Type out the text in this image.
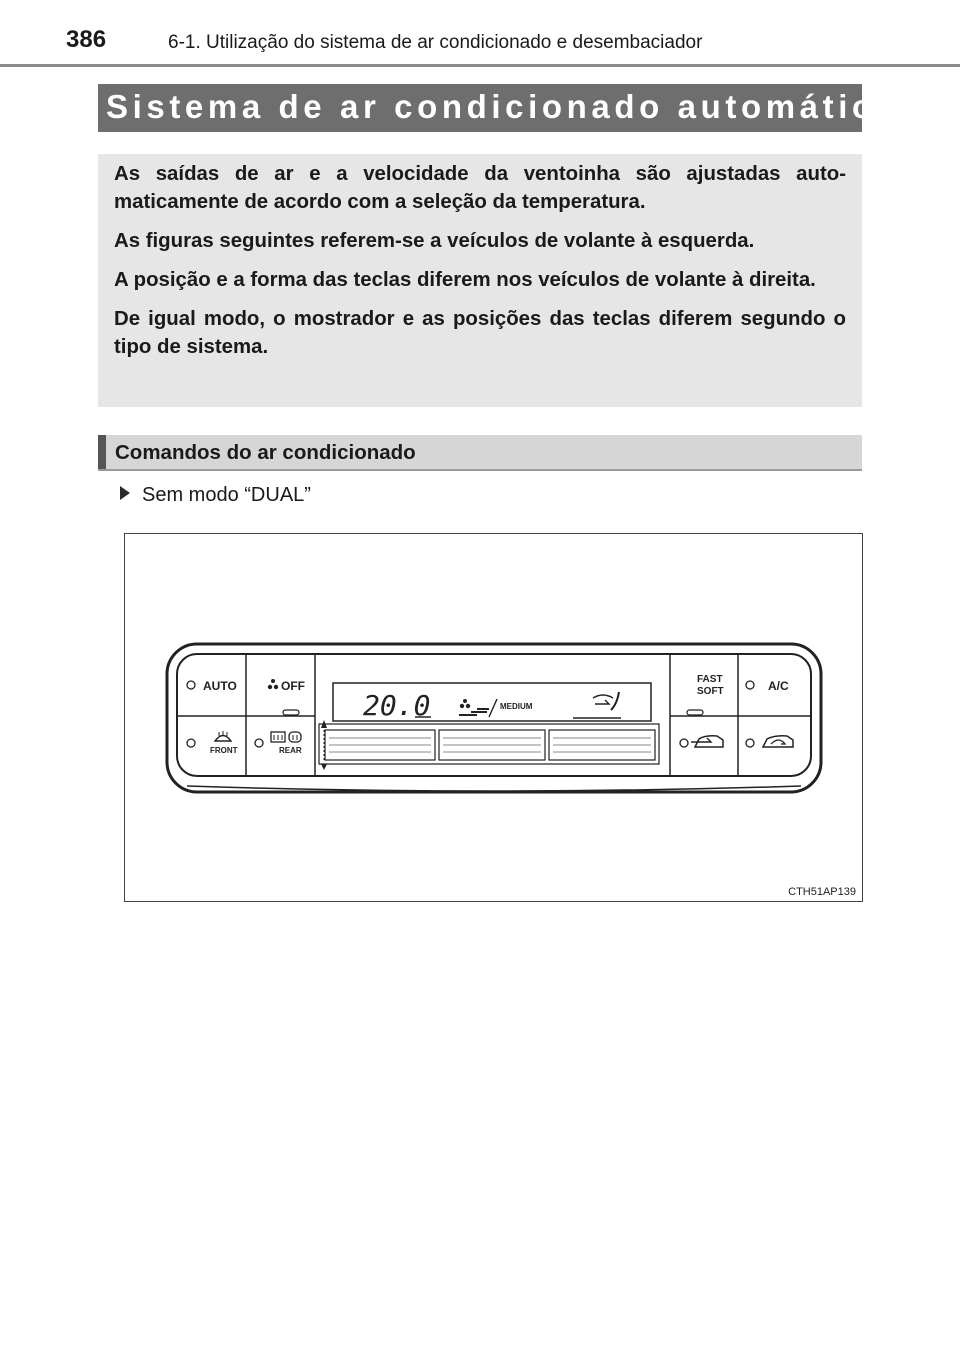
386	6-1. Utilização do sistema de ar condicionado e desembaciador
Sistema de ar condicionado automático

As saídas de ar e a velocidade da ventoinha são ajustadas auto-maticamente de acordo com a seleção da temperatura.

As figuras seguintes referem-se a veículos de volante à esquerda.

A posição e a forma das teclas diferem nos veículos de volante à direita.

De igual modo, o mostrador e as posições das teclas diferem segundo o tipo de sistema.

Comandos do ar condicionado
Sem modo “DUAL”
AUTO	OFF
FRONT	REAR
20.0	MEDIUM
FAST
SOFT	A/C
CTH51AP139
